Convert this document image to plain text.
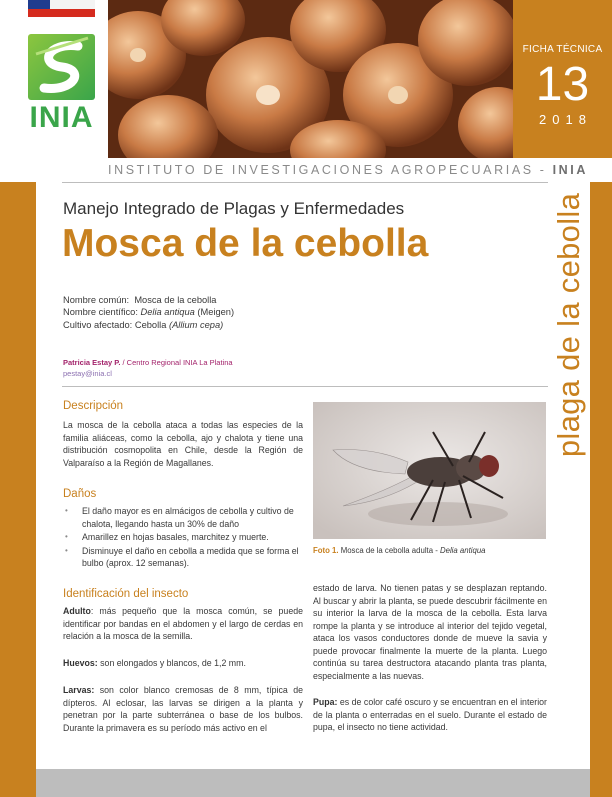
INIA
FICHA TÉCNICA
13
2018
INSTITUTO DE INVESTIGACIONES AGROPECUARIAS - INIA
plaga de la cebolla
Manejo Integrado de Plagas y Enfermedades
Mosca de la cebolla
Nombre común: Mosca de la cebolla
Nombre científico: Delia antiqua (Meigen)
Cultivo afectado: Cebolla (Allium cepa)
Patricia Estay P. / Centro Regional INIA La Platina
pestay@inia.cl
Descripción
La mosca de la cebolla ataca a todas las especies de la familia aliáceas, como la cebolla, ajo y chalota y tiene una distribución cosmopolita en Chile, desde la Región de Valparaíso a la Región de Magallanes.
Daños
• El daño mayor es en almácigos de cebolla y cultivo de chalota, llegando hasta un 30% de daño
• Amarillez en hojas basales, marchitez y muerte.
• Disminuye el daño en cebolla a medida que se forma el bulbo (aprox. 12 semanas).
Foto 1. Mosca de la cebolla adulta - Delia antiqua
Identificación del insecto
Adulto: más pequeño que la mosca común, se puede identificar por bandas en el abdomen y el largo de cerdas en relación a la mosca de la semilla.
Huevos: son elongados y blancos, de 1,2 mm.
Larvas: son color blanco cremosas de 8 mm, típica de dípteros. Al eclosar, las larvas se dirigen a la planta y penetran por la parte subterránea o base de los bulbos. Durante la primavera es su período más activo en el
estado de larva. No tienen patas y se desplazan reptando. Al buscar y abrir la planta, se puede descubrir fácilmente en su interior la larva de la mosca de la cebolla. Esta larva rompe la planta y se introduce al interior del tejido vegetal, ataca los vasos conductores donde de mueve la savia y puede provocar finalmente la muerte de la planta. Luego continúa su tarea destructora atacando planta tras planta, especialmente a las nuevas.
Pupa: es de color café oscuro y se encuentran en el interior de la planta o enterradas en el suelo. Durante el estado de pupa, el insecto no tiene actividad.
